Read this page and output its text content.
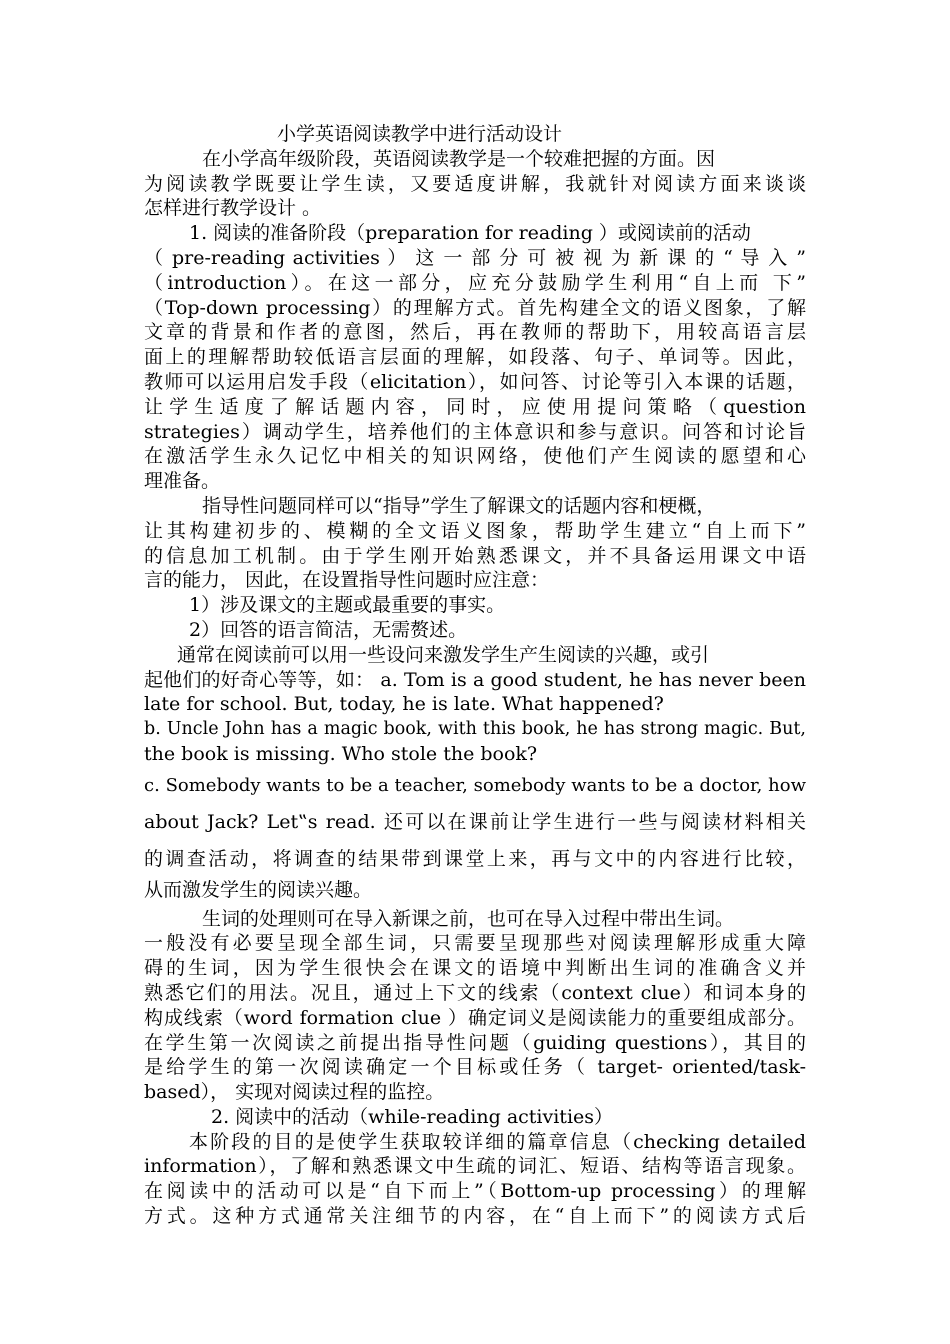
小学英语阅读教学中进行活动设计
在小学高年级阶段，英语阅读教学是一个较难把握的方面。因
为阅读教学既要让学生读，又要适度讲解，我就针对阅读方面来谈谈
怎样进行教学设计 。
1. 阅读的准备阶段（preparation for reading ）或阅读前的活动
（ pre-reading activities ） 这 一 部 分 可 被 视 为 新 课 的 “ 导 入 ”
（introduction）。在这一部分，应充分鼓励学生利用“自上而 下”
（Top-down processing）的理解方式。首先构建全文的语义图象，了解
文章的背景和作者的意图，然后，再在教师的帮助下，用较高语言层
面上的理解帮助较低语言层面的理解，如段落、句子、单词等。因此，
教师可以运用启发手段（elicitation），如问答、讨论等引入本课的话题，
让 学 生 适 度 了 解 话 题 内 容 ， 同 时 ， 应 使 用 提 问 策 略 （ question
strategies）调动学生，培养他们的主体意识和参与意识。问答和讨论旨
在激活学生永久记忆中相关的知识网络，使他们产生阅读的愿望和心
理准备。
指导性问题同样可以“指导”学生了解课文的话题内容和梗概，
让其构建初步的、模糊的全文语义图象，帮助学生建立“自上而下”
的信息加工机制。由于学生刚开始熟悉课文，并不具备运用课文中语
言的能力， 因此，在设置指导性问题时应注意：
1）涉及课文的主题或最重要的事实。
2）回答的语言简洁，无需赘述。
通常在阅读前可以用一些设问来激发学生产生阅读的兴趣，或引
起他们的好奇心等等，如： a. Tom is a good student, he has never been
late for school. But, today, he is late. What happened?
b. Uncle John has a magic book, with this book, he has strong magic. But,
the book is missing. Who stole the book?
c. Somebody wants to be a teacher, somebody wants to be a doctor, how
about Jack? Let‟s read. 还可以在课前让学生进行一些与阅读材料相关
的调查活动，将调查的结果带到课堂上来，再与文中的内容进行比较，
从而激发学生的阅读兴趣。
生词的处理则可在导入新课之前，也可在导入过程中带出生词。
一般没有必要呈现全部生词，只需要呈现那些对阅读理解形成重大障
碍的生词，因为学生很快会在课文的语境中判断出生词的准确含义并
熟悉它们的用法。况且，通过上下文的线索（context clue）和词本身的
构成线索（word formation clue ）确定词义是阅读能力的重要组成部分。
在学生第一次阅读之前提出指导性问题（guiding questions），其目的
是给学生的第一次阅读确定一个目标或任务（ target- oriented/task-
based）， 实现对阅读过程的监控。
2. 阅读中的活动（while-reading activities）
本阶段的目的是使学生获取较详细的篇章信息（checking detailed
information），了解和熟悉课文中生疏的词汇、短语、结构等语言现象。
在阅读中的活动可以是“自下而上”（Bottom-up processing）的理解
方式。这种方式通常关注细节的内容，在“自上而下”的阅读方式后
